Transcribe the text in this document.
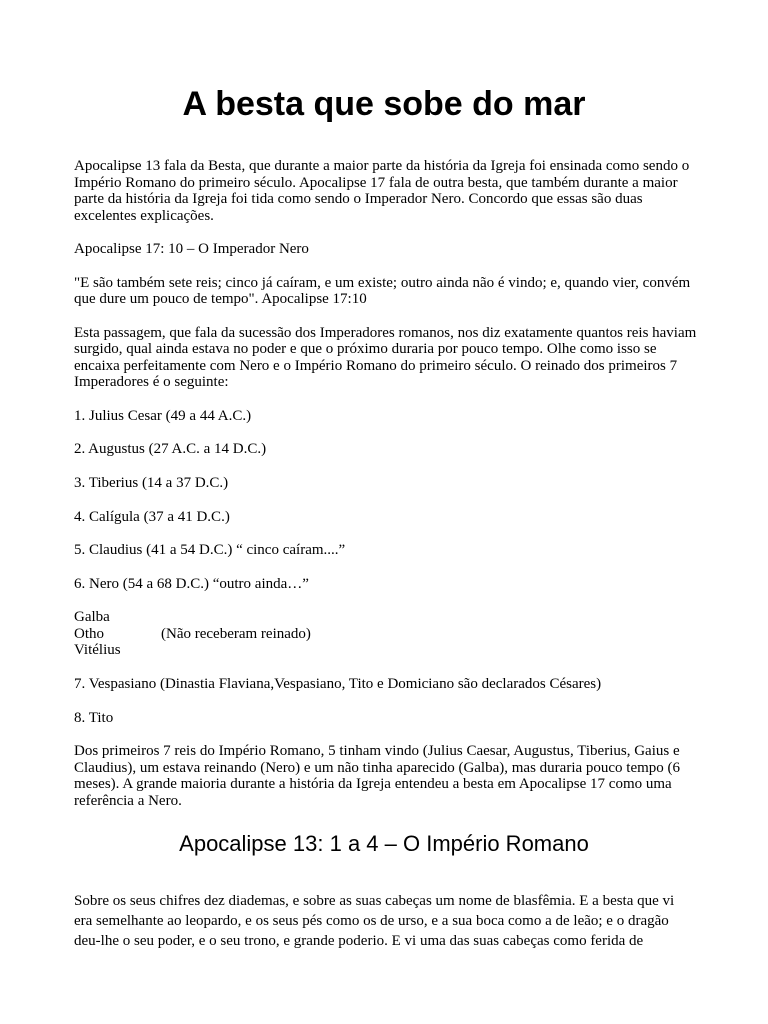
A besta que sobe do mar

Apocalipse 13 fala da Besta, que durante a maior parte da história da Igreja foi ensinada como sendo o Império Romano do primeiro século. Apocalipse 17 fala de outra besta, que também durante a maior parte da história da Igreja foi tida como sendo o Imperador Nero. Concordo que essas são duas excelentes explicações.

Apocalipse 17: 10 – O Imperador Nero

"E são também sete reis; cinco já caíram, e um existe; outro ainda não é vindo; e, quando vier, convém que dure um pouco de tempo". Apocalipse 17:10

Esta passagem, que fala da sucessão dos Imperadores romanos, nos diz exatamente quantos reis haviam surgido, qual ainda estava no poder e que o próximo duraria por pouco tempo. Olhe como isso se encaixa perfeitamente com Nero e o Império Romano do primeiro século. O reinado dos primeiros 7 Imperadores é o seguinte:

1. Julius Cesar (49 a 44 A.C.)

2. Augustus (27 A.C. a 14 D.C.)

3. Tiberius (14 a 37 D.C.)

4. Calígula (37 a 41 D.C.)

5. Claudius (41 a 54 D.C.) “ cinco caíram....”

6. Nero (54 a 68 D.C.) “outro ainda…”

Galba
Otho	(Não receberam reinado)
Vitélius

7. Vespasiano (Dinastia Flaviana,Vespasiano, Tito e Domiciano são declarados Césares)

8. Tito

Dos primeiros 7 reis do Império Romano, 5 tinham vindo (Julius Caesar, Augustus, Tiberius, Gaius e Claudius), um estava reinando (Nero) e um não tinha aparecido (Galba), mas duraria pouco tempo (6 meses). A grande maioria durante a história da Igreja entendeu a besta em Apocalipse 17 como uma referência a Nero.

Apocalipse 13: 1 a 4 – O Império Romano
Sobre os seus chifres dez diademas, e sobre as suas cabeças um nome de blasfêmia. E a besta que vi
era semelhante ao leopardo, e os seus pés como os de urso, e a sua boca como a de leão; e o dragão
deu-lhe o seu poder, e o seu trono, e grande poderio. E vi uma das suas cabeças como ferida de
